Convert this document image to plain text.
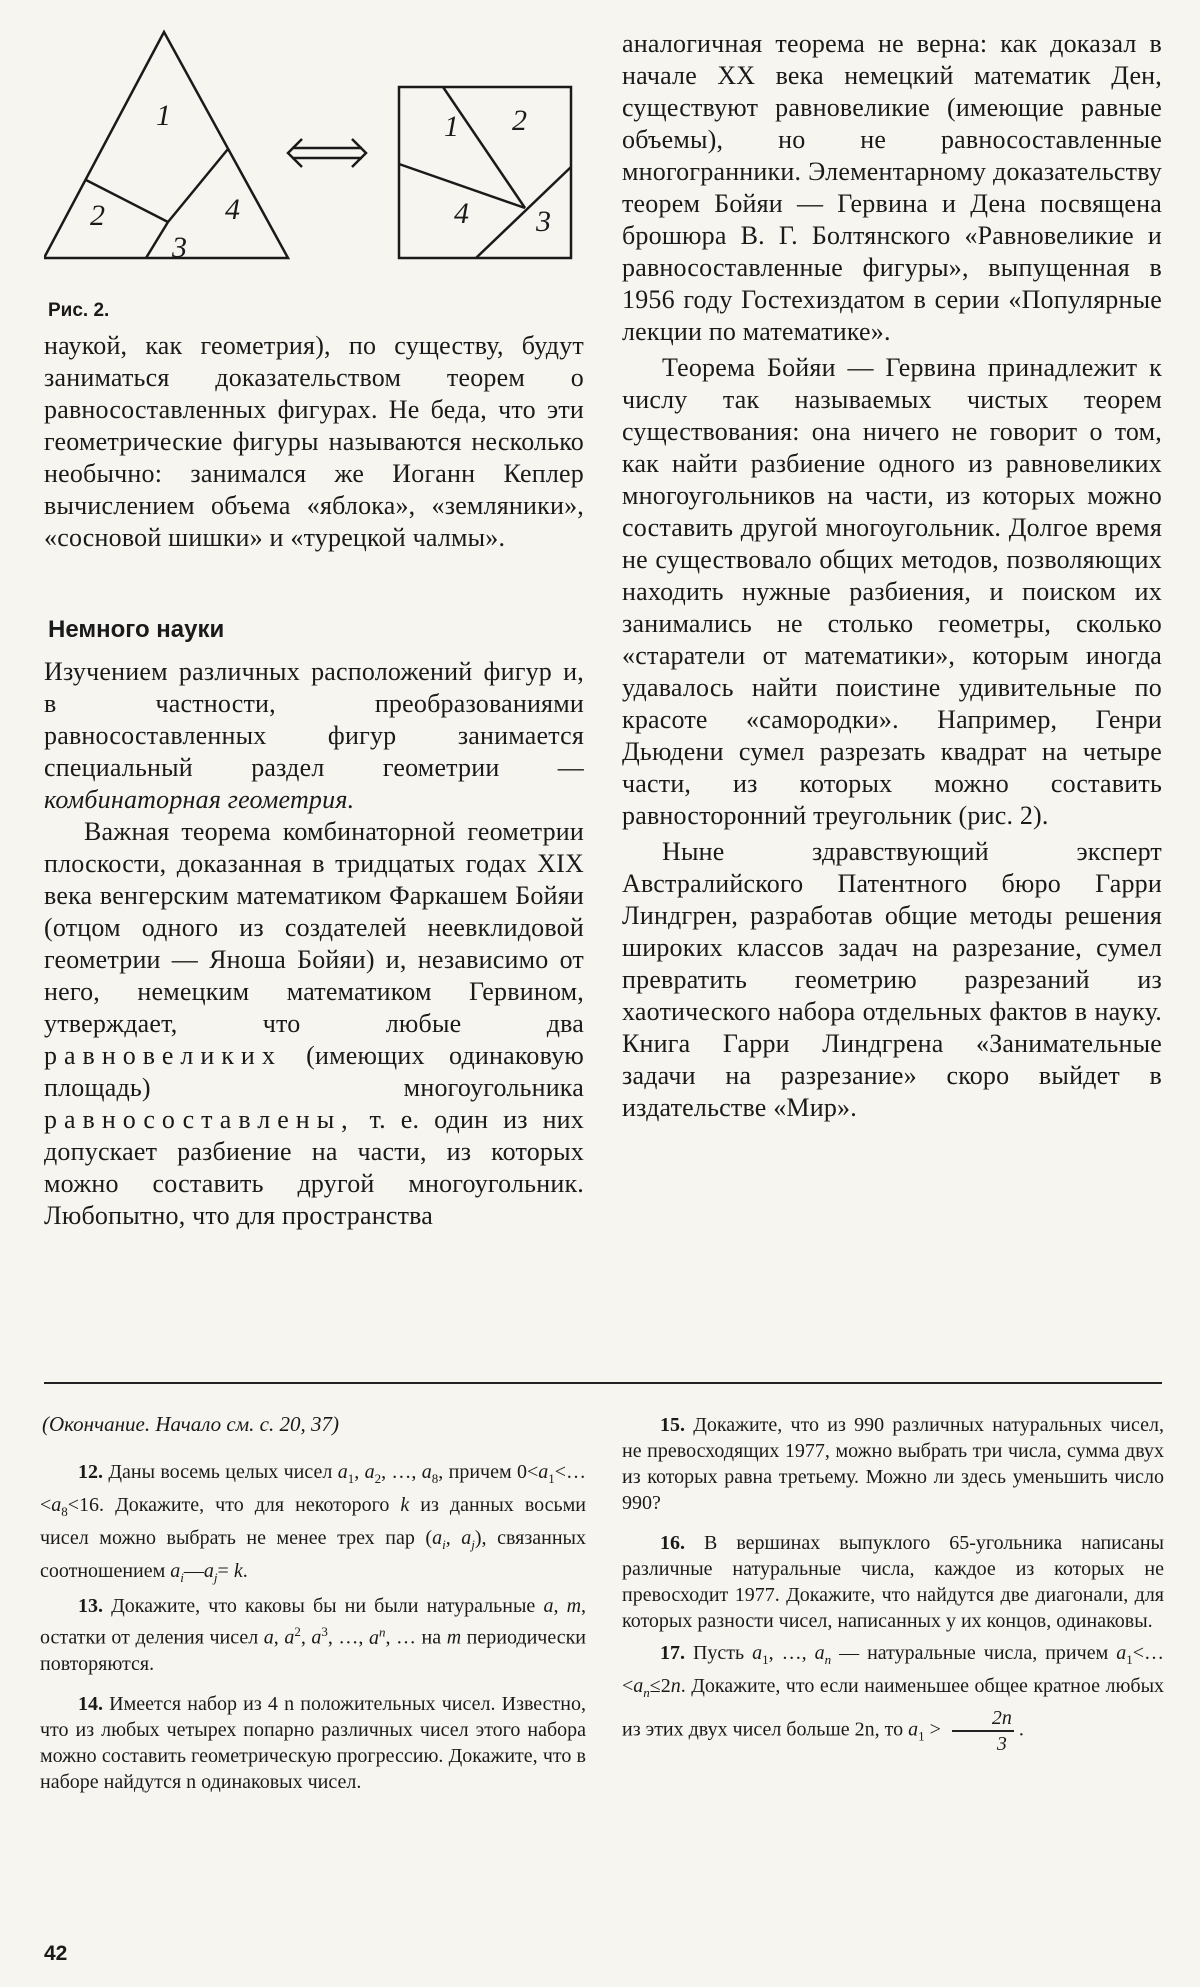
1
2
3
4
1 2
3
4
Рис. 2.

наукой, как геометрия), по существу, будут заниматься доказательством теорем о равносоставленных фигурах. Не беда, что эти геометрические фигуры называются несколько необычно: занимался же Иоганн Кеплер вычислением объема «яблока», «земляники», «сосновой шишки» и «турецкой чалмы».

Немного науки

Изучением различных расположений фигур и, в частности, преобразованиями равносоставленных фигур занимается специальный раздел геометрии — комбинаторная геометрия.

Важная теорема комбинаторной геометрии плоскости, доказанная в тридцатых годах XIX века венгерским математиком Фаркашем Бойяи (отцом одного из создателей неевклидовой геометрии — Яноша Бойяи) и, независимо от него, немецким математиком Гервином, утверждает, что любые два равновеликих (имеющих одинаковую площадь) многоугольника равносоставлены, т. е. один из них допускает разбиение на части, из которых можно составить другой многоугольник. Любопытно, что для пространства

аналогичная теорема не верна: как доказал в начале XX века немецкий математик Ден, существуют равновеликие (имеющие равные объемы), но не равносоставленные многогранники. Элементарному доказательству теорем Бойяи — Гервина и Дена посвящена брошюра В. Г. Болтянского «Равновеликие и равносоставленные фигуры», выпущенная в 1956 году Гостехиздатом в серии «Популярные лекции по математике».

Теорема Бойяи — Гервина принадлежит к числу так называемых чистых теорем существования: она ничего не говорит о том, как найти разбиение одного из равновеликих многоугольников на части, из которых можно составить другой многоугольник. Долгое время не существовало общих методов, позволяющих находить нужные разбиения, и поиском их занимались не столько геометры, сколько «старатели от математики», которым иногда удавалось найти поистине удивительные по красоте «самородки». Например, Генри Дьюдени сумел разрезать квадрат на четыре части, из которых можно составить равносторонний треугольник (рис. 2).

Ныне здравствующий эксперт Австралийского Патентного бюро Гарри Линдгрен, разработав общие методы решения широких классов задач на разрезание, сумел превратить геометрию разрезаний из хаотического набора отдельных фактов в науку. Книга Гарри Линдгрена «Занимательные задачи на разрезание» скоро выйдет в издательстве «Мир».

(Окончание. Начало см. с. 20, 37)

12. Даны восемь целых чисел $a_1$, $a_2$, …, $a_8$, причем $0<a_1<\dots<a_8<16$. Докажите, что для некоторого k из данных восьми чисел можно выбрать не менее трех пар ($a_i$, $a_j$), связанных соотношением $a_i—a_j= k$.

13. Докажите, что каковы бы ни были натуральные a, m, остатки от деления чисел a, $a^2$, $a^3$, …, $a^n$, … на m периодически повторяются.

14. Имеется набор из 4 n положительных чисел. Известно, что из любых четырех попарно различных чисел этого набора можно составить геометрическую прогрессию. Докажите, что в наборе найдутся n одинаковых чисел.

15. Докажите, что из 990 различных натуральных чисел, не превосходящих 1977, можно выбрать три числа, сумма двух из которых равна третьему. Можно ли здесь уменьшить число 990?

16. В вершинах выпуклого 65-угольника написаны различные натуральные числа, каждое из которых не превосходит 1977. Докажите, что найдутся две диагонали, для которых разности чисел, написанных у их концов, одинаковы.

17. Пусть $a_1$, …, $a_n$ — натуральные числа, причем $a_1<\dots<a_n\le 2n$. Докажите, что если наименьшее общее кратное любых из этих двух чисел больше 2n, то $a_1 > \frac{2n}{3}$ .

42
